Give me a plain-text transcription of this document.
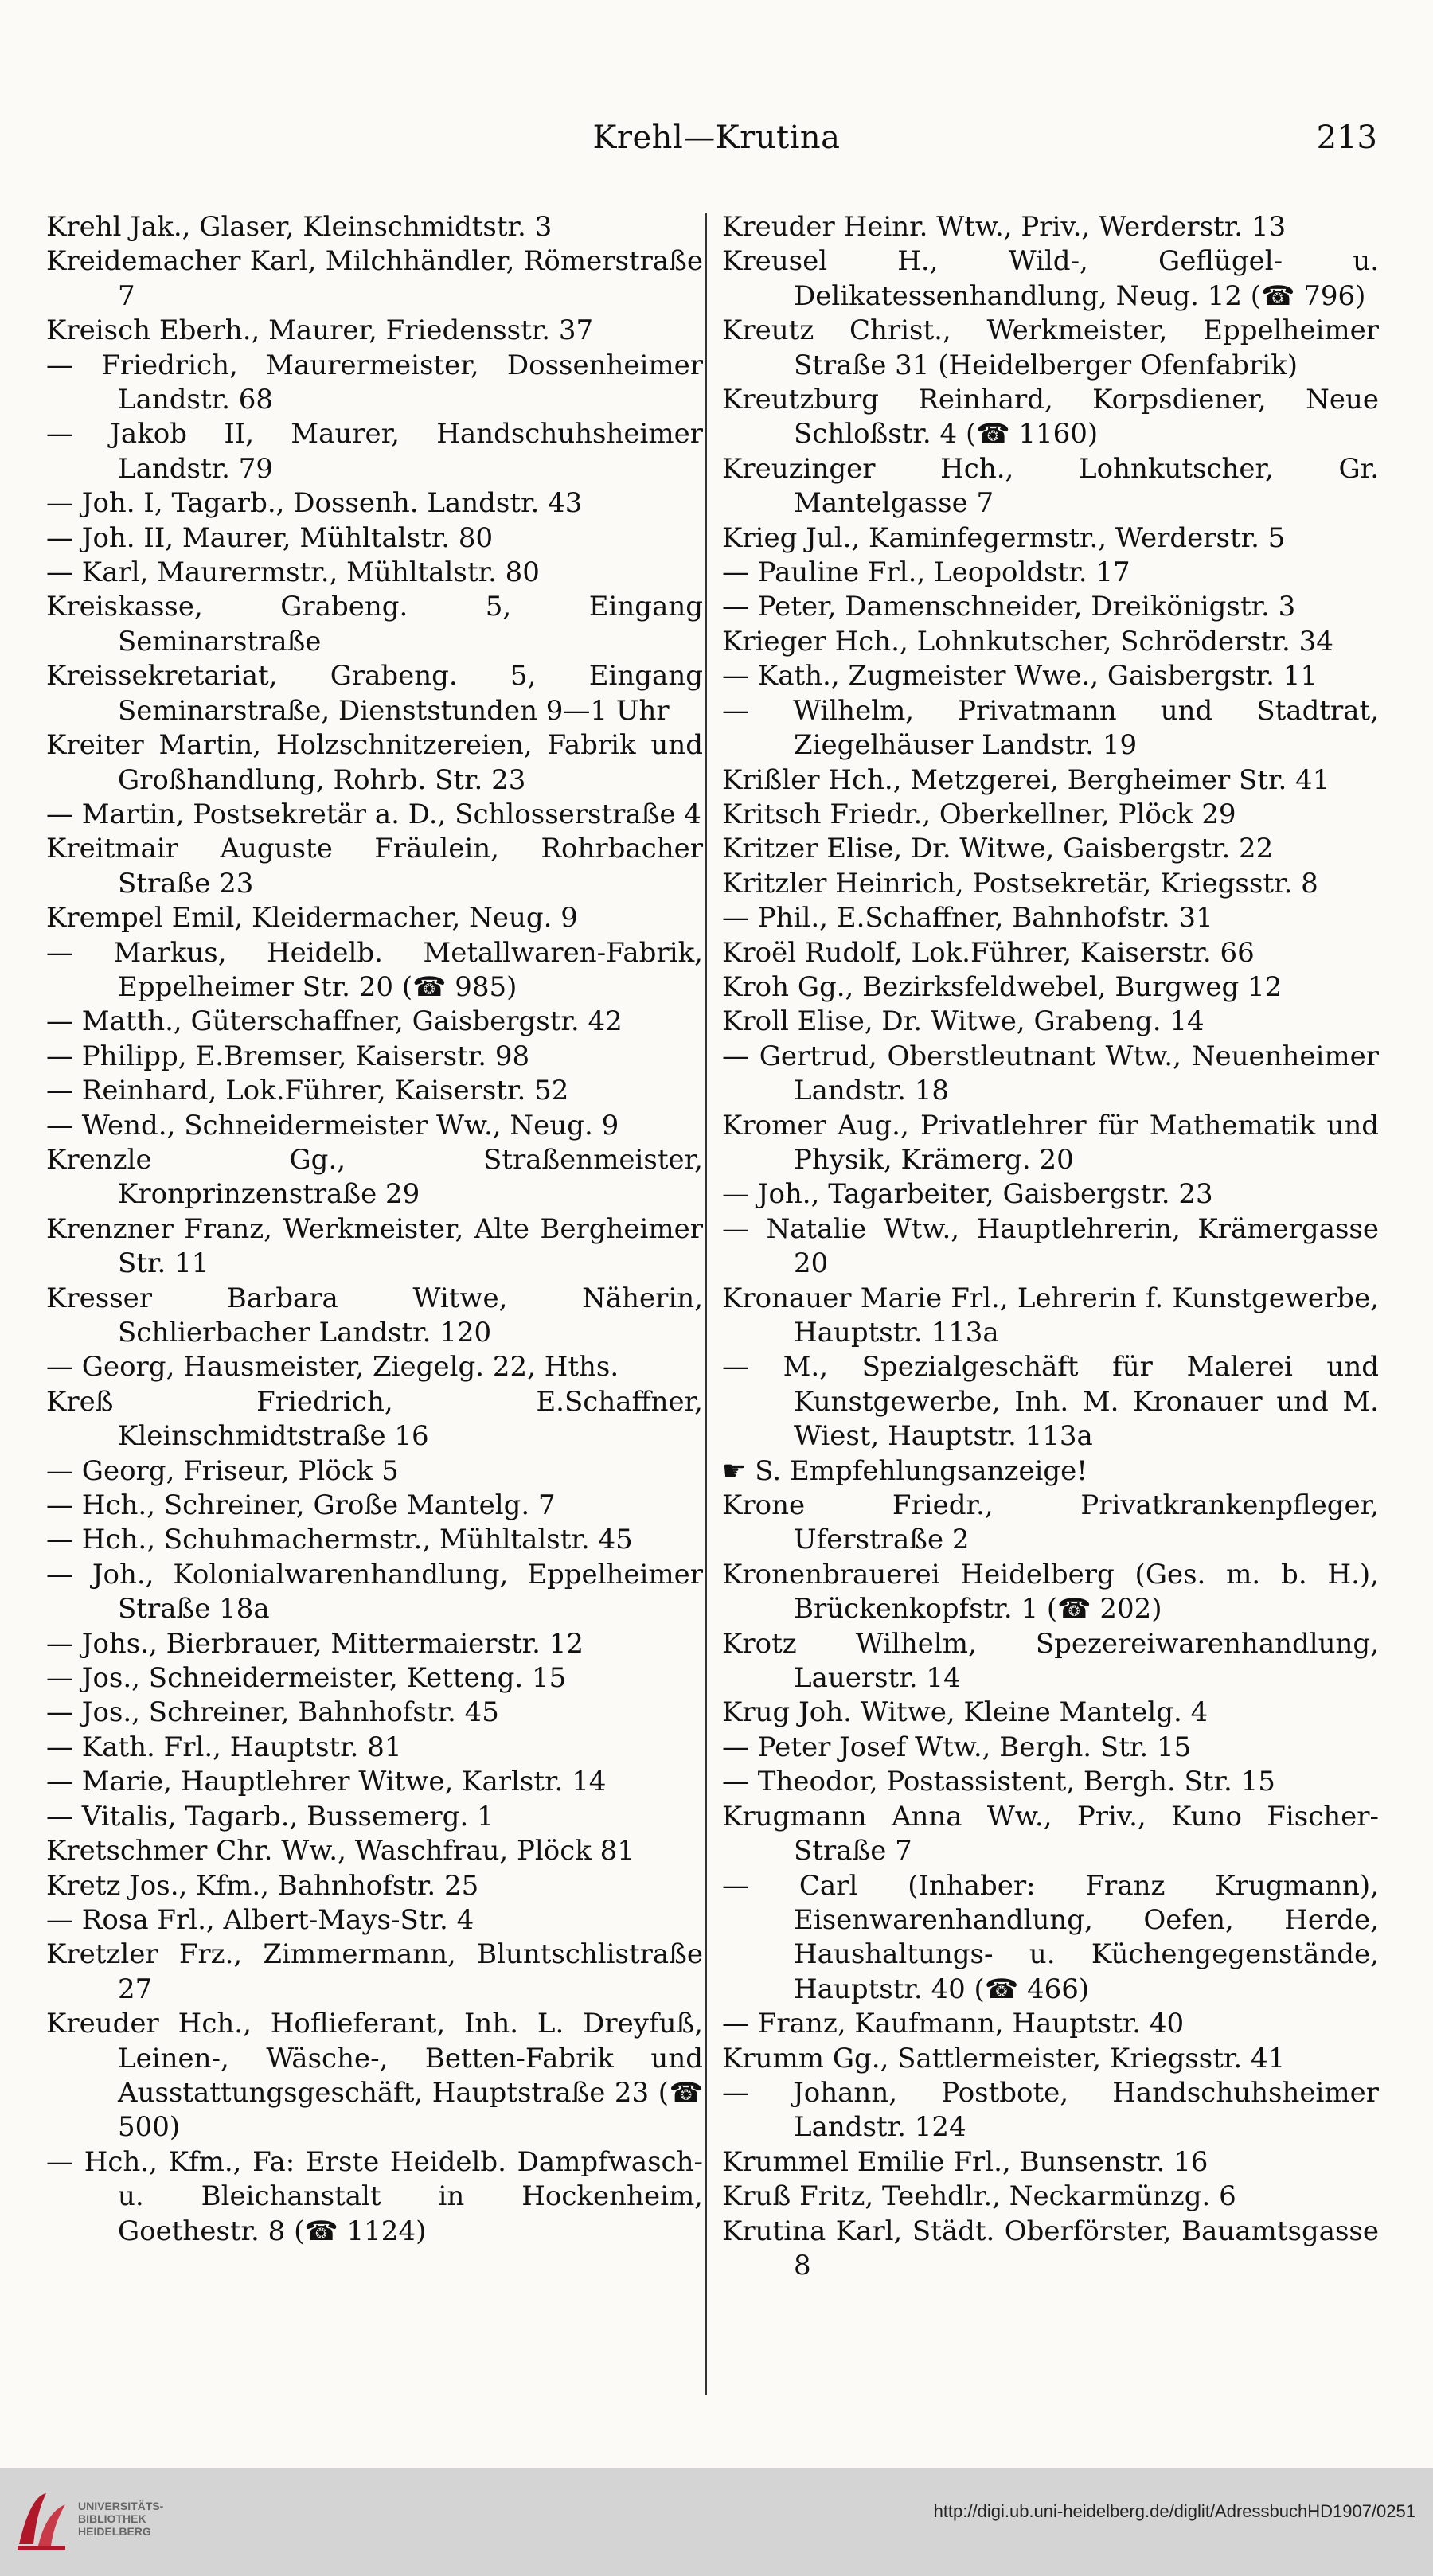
Krehl—Krutina	213

Krehl Jak., Glaser, Kleinschmidtstr. 3

Kreidemacher Karl, Milchhändler, Römerstraße 7

Kreisch Eberh., Maurer, Friedensstr. 37

— Friedrich, Maurermeister, Dossenheimer Landstr. 68

— Jakob II, Maurer, Handschuhsheimer Landstr. 79

— Joh. I, Tagarb., Dossenh. Landstr. 43

— Joh. II, Maurer, Mühltalstr. 80

— Karl, Maurermstr., Mühltalstr. 80

Kreiskasse, Grabeng. 5, Eingang Seminarstraße

Kreissekretariat, Grabeng. 5, Eingang Seminarstraße, Dienststunden 9—1 Uhr

Kreiter Martin, Holzschnitzereien, Fabrik und Großhandlung, Rohrb. Str. 23

— Martin, Postsekretär a. D., Schlosserstraße 4

Kreitmair Auguste Fräulein, Rohrbacher Straße 23

Krempel Emil, Kleidermacher, Neug. 9

— Markus, Heidelb. Metallwaren-Fabrik, Eppelheimer Str. 20 (☎ 985)

— Matth., Güterschaffner, Gaisbergstr. 42

— Philipp, E.Bremser, Kaiserstr. 98

— Reinhard, Lok.Führer, Kaiserstr. 52

— Wend., Schneidermeister Ww., Neug. 9

Krenzle Gg., Straßenmeister, Kronprinzenstraße 29

Krenzner Franz, Werkmeister, Alte Bergheimer Str. 11

Kresser Barbara Witwe, Näherin, Schlierbacher Landstr. 120

— Georg, Hausmeister, Ziegelg. 22, Hths.

Kreß Friedrich, E.Schaffner, Kleinschmidtstraße 16

— Georg, Friseur, Plöck 5

— Hch., Schreiner, Große Mantelg. 7

— Hch., Schuhmachermstr., Mühltalstr. 45

— Joh., Kolonialwarenhandlung, Eppelheimer Straße 18a

— Johs., Bierbrauer, Mittermaierstr. 12

— Jos., Schneidermeister, Ketteng. 15

— Jos., Schreiner, Bahnhofstr. 45

— Kath. Frl., Hauptstr. 81

— Marie, Hauptlehrer Witwe, Karlstr. 14

— Vitalis, Tagarb., Bussemerg. 1

Kretschmer Chr. Ww., Waschfrau, Plöck 81

Kretz Jos., Kfm., Bahnhofstr. 25

— Rosa Frl., Albert-Mays-Str. 4

Kretzler Frz., Zimmermann, Bluntschlistraße 27

Kreuder Hch., Hoflieferant, Inh. L. Dreyfuß, Leinen-, Wäsche-, Betten-Fabrik und Ausstattungsgeschäft, Hauptstraße 23 (☎ 500)

— Hch., Kfm., Fa: Erste Heidelb. Dampfwasch- u. Bleichanstalt in Hockenheim, Goethestr. 8 (☎ 1124)

Kreuder Heinr. Wtw., Priv., Werderstr. 13

Kreusel H., Wild-, Geflügel- u. Delikatessenhandlung, Neug. 12 (☎ 796)

Kreutz Christ., Werkmeister, Eppelheimer Straße 31 (Heidelberger Ofenfabrik)

Kreutzburg Reinhard, Korpsdiener, Neue Schloßstr. 4 (☎ 1160)

Kreuzinger Hch., Lohnkutscher, Gr. Mantelgasse 7

Krieg Jul., Kaminfegermstr., Werderstr. 5

— Pauline Frl., Leopoldstr. 17

— Peter, Damenschneider, Dreikönigstr. 3

Krieger Hch., Lohnkutscher, Schröderstr. 34

— Kath., Zugmeister Wwe., Gaisbergstr. 11

— Wilhelm, Privatmann und Stadtrat, Ziegelhäuser Landstr. 19

Krißler Hch., Metzgerei, Bergheimer Str. 41

Kritsch Friedr., Oberkellner, Plöck 29

Kritzer Elise, Dr. Witwe, Gaisbergstr. 22

Kritzler Heinrich, Postsekretär, Kriegsstr. 8

— Phil., E.Schaffner, Bahnhofstr. 31

Kroël Rudolf, Lok.Führer, Kaiserstr. 66

Kroh Gg., Bezirksfeldwebel, Burgweg 12

Kroll Elise, Dr. Witwe, Grabeng. 14

— Gertrud, Oberstleutnant Wtw., Neuenheimer Landstr. 18

Kromer Aug., Privatlehrer für Mathematik und Physik, Krämerg. 20

— Joh., Tagarbeiter, Gaisbergstr. 23

— Natalie Wtw., Hauptlehrerin, Krämergasse 20

Kronauer Marie Frl., Lehrerin f. Kunstgewerbe, Hauptstr. 113a

— M., Spezialgeschäft für Malerei und Kunstgewerbe, Inh. M. Kronauer und M. Wiest, Hauptstr. 113a

☛ S. Empfehlungsanzeige!

Krone Friedr., Privatkrankenpfleger, Uferstraße 2

Kronenbrauerei Heidelberg (Ges. m. b. H.), Brückenkopfstr. 1 (☎ 202)

Krotz Wilhelm, Spezereiwarenhandlung, Lauerstr. 14

Krug Joh. Witwe, Kleine Mantelg. 4

— Peter Josef Wtw., Bergh. Str. 15

— Theodor, Postassistent, Bergh. Str. 15

Krugmann Anna Ww., Priv., Kuno Fischer-Straße 7

— Carl (Inhaber: Franz Krugmann), Eisenwarenhandlung, Oefen, Herde, Haushaltungs- u. Küchengegenstände, Hauptstr. 40 (☎ 466)

— Franz, Kaufmann, Hauptstr. 40

Krumm Gg., Sattlermeister, Kriegsstr. 41

— Johann, Postbote, Handschuhsheimer Landstr. 124

Krummel Emilie Frl., Bunsenstr. 16

Kruß Fritz, Teehdlr., Neckarmünzg. 6

Krutina Karl, Städt. Oberförster, Bauamtsgasse 8

UNIVERSITÄTS-
BIBLIOTHEK
HEIDELBERG
http://digi.ub.uni-heidelberg.de/diglit/AdressbuchHD1907/0251
